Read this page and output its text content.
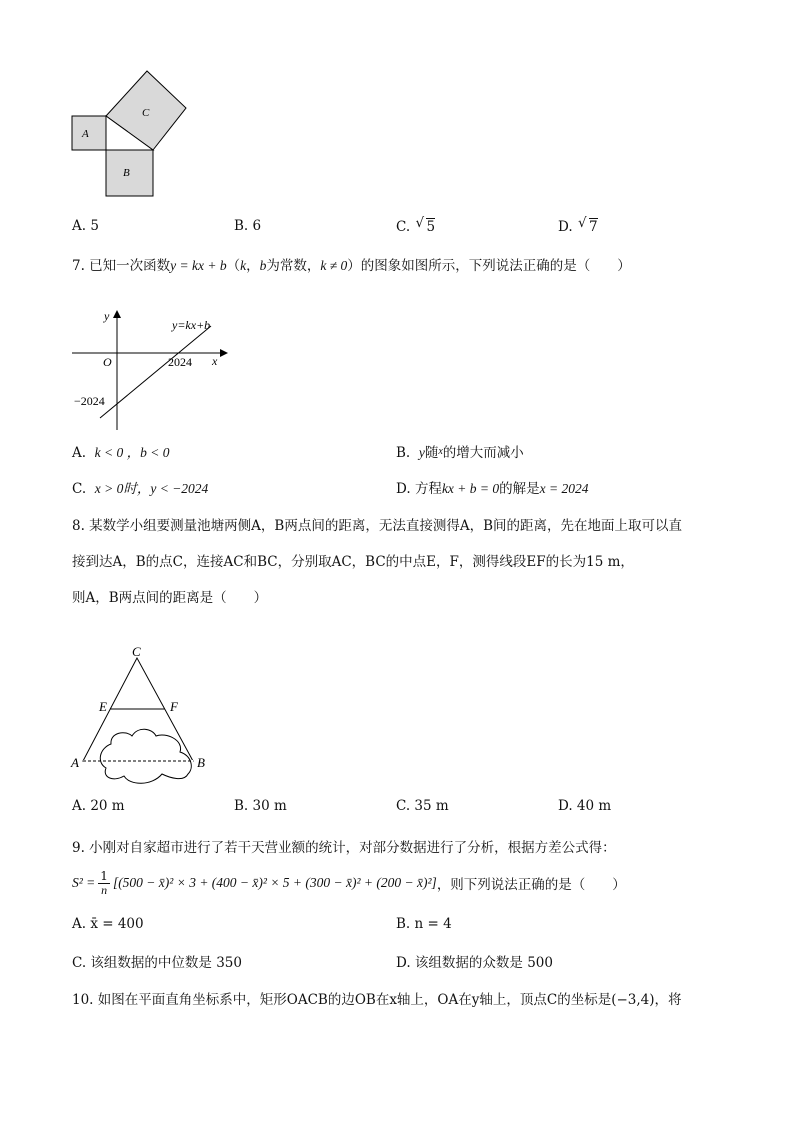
A
B
C
A. 5	B. 6	C. √ 5	D. √ 7
7. 已知一次函数y = kx + b（k，b为常数，k ≠ 0）的图象如图所示，下列说法正确的是（　　）
y
x
O	2024
−2024
y=kx+b
A. k < 0 ，b < 0	B. y随$^x$的增大而减小
C. x > 0时，y < −2024	D. 方程kx + b = 0的解是x = 2024
8. 某数学小组要测量池塘两侧A，B两点间的距离，无法直接测得A，B间的距离，先在地面上取可以直
接到达A，B的点C，连接AC和BC，分别取AC，BC的中点E，F，测得线段EF的长为15 m，
则A，B两点间的距离是（　　）
C
E	F
A	B
A. 20 m	B. 30 m	C. 35 m	D. 40 m
9. 小刚对自家超市进行了若干天营业额的统计，对部分数据进行了分析，根据方差公式得：
$S^2 = \frac{1}{n} [(500$ − x̄)² × 3 + (400 − x̄)² × 5 + (300 − x̄)² + (200 − x̄)²] ，则下列说法正确的是（　　）
A. x̄ = 400	B. n = 4
C. 该组数据的中位数是 350	D. 该组数据的众数是 500
10. 如图在平面直角坐标系中，矩形OACB的边OB在x轴上，OA在y轴上，顶点C的坐标是(−3,4)，将
